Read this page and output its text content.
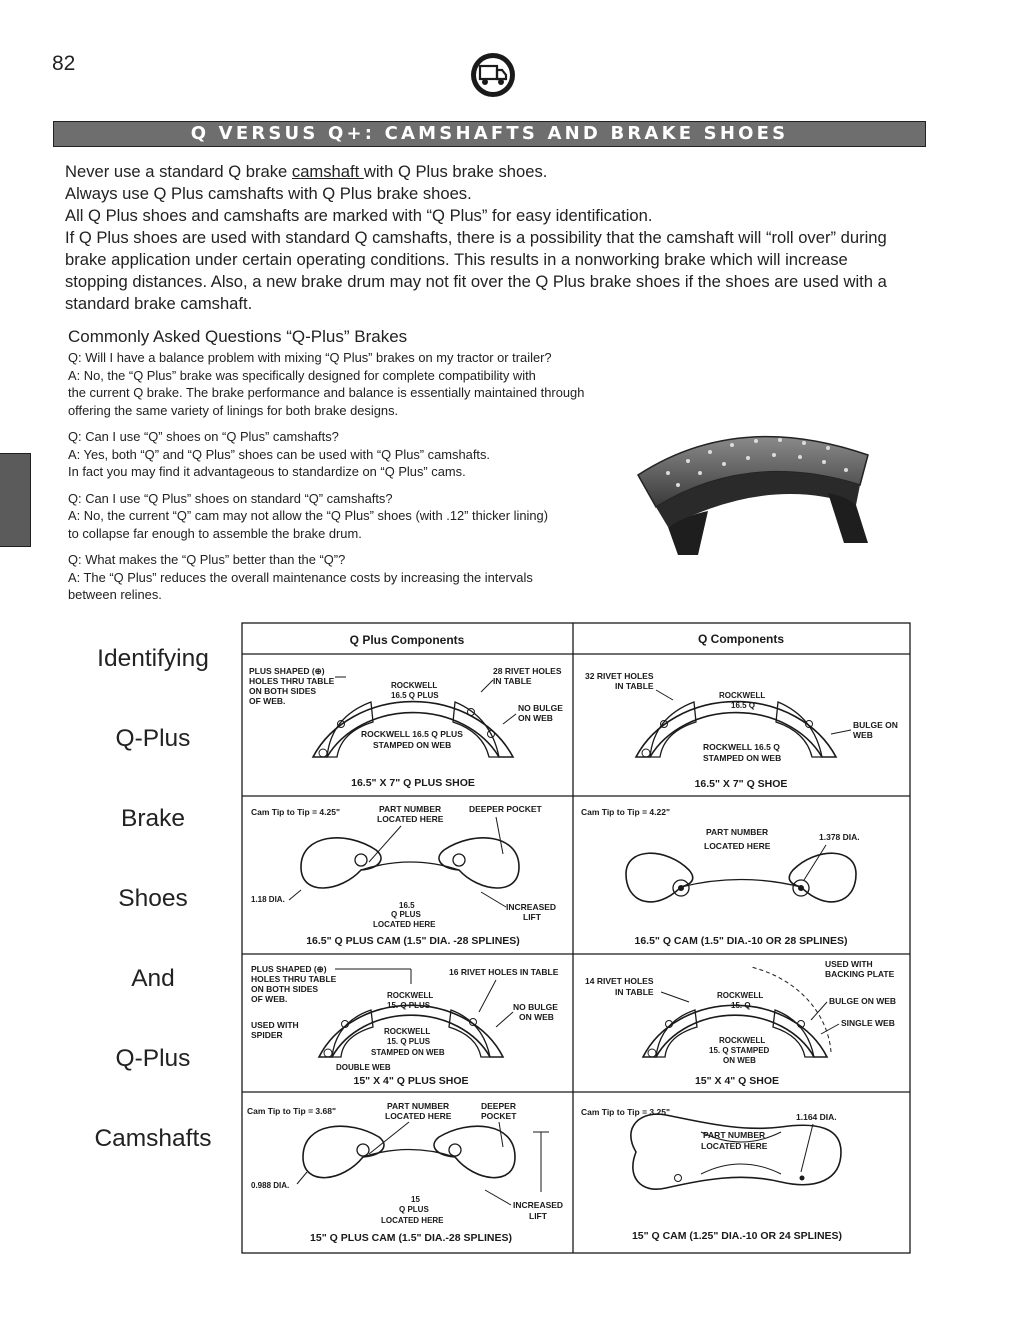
82
Q VERSUS Q+: CAMSHAFTS AND BRAKE SHOES
Never use a standard Q brake camshaft with Q Plus brake shoes.
Always use Q Plus camshafts with Q Plus brake shoes.
All Q Plus shoes and camshafts are marked with “Q Plus” for easy identification.
If Q Plus shoes are used with standard Q camshafts, there is a possibility that the camshaft will “roll over” during
brake application under certain operating conditions. This results in a nonworking brake which will increase
stopping distances. Also, a new brake drum may not fit over the Q Plus brake shoes if the shoes are used with a
standard brake camshaft.
Commonly Asked Questions “Q-Plus” Brakes
Q: Will I have a balance problem with mixing “Q Plus” brakes on my tractor or trailer?
A: No, the “Q Plus” brake was specifically designed for complete compatibility with
the current Q brake. The brake performance and balance is essentially maintained through
offering the same variety of linings for both brake designs.
Q: Can I use “Q” shoes on “Q Plus” camshafts?
A: Yes, both “Q” and “Q Plus” shoes can be used with “Q Plus” camshafts.
In fact you may find it advantageous to standardize on “Q Plus” cams.
Q: Can I use “Q Plus” shoes on standard “Q” camshafts?
A: No, the current “Q” cam may not allow the “Q Plus” shoes (with .12” thicker lining)
to collapse far enough to assemble the brake drum.
Q: What makes the “Q Plus” better than the “Q”?
A: The “Q Plus” reduces the overall maintenance costs by increasing the intervals
between relines.
Identifying
Q-Plus
Brake
Shoes
And
Q-Plus
Camshafts
Q Plus Components	Q Components
PLUS SHAPED (⊕)
HOLES THRU TABLE
ON BOTH SIDES
OF WEB.
28 RIVET HOLES
IN TABLE
ROCKWELL
16.5 Q PLUS
NO BULGE
ON WEB
ROCKWELL 16.5 Q PLUS
STAMPED ON WEB
16.5" X 7" Q PLUS SHOE
32 RIVET HOLES
IN TABLE
ROCKWELL
16.5 Q
BULGE ON
WEB
ROCKWELL 16.5 Q
STAMPED ON WEB
16.5" X 7" Q SHOE
Cam Tip to Tip = 4.25"	PART NUMBER
LOCATED HERE
DEEPER POCKET
1.18 DIA.
16.5
Q PLUS
LOCATED HERE
INCREASED
LIFT
16.5" Q PLUS CAM (1.5" DIA. -28 SPLINES)
Cam Tip to Tip = 4.22"
PART NUMBER
LOCATED HERE
1.378 DIA.
16.5" Q CAM (1.5" DIA.-10 OR 28 SPLINES)
PLUS SHAPED (⊕)
HOLES THRU TABLE
ON BOTH SIDES
OF WEB.
16 RIVET HOLES IN TABLE
ROCKWELL
15. Q PLUS	NO BULGE
ON WEB
USED WITH
SPIDER	ROCKWELL
15. Q PLUS
STAMPED ON WEB
DOUBLE WEB
15" X 4" Q PLUS SHOE
USED WITH
BACKING PLATE
14 RIVET HOLES
IN TABLE	ROCKWELL
15. Q	BULGE ON WEB
SINGLE WEB
ROCKWELL
15. Q STAMPED
ON WEB
15" X 4" Q SHOE
Cam Tip to Tip = 3.68"	PART NUMBER
LOCATED HERE
DEEPER
POCKET
0.988 DIA.
15
Q PLUS
LOCATED HERE
INCREASED
LIFT
15" Q PLUS CAM (1.5" DIA.-28 SPLINES)
Cam Tip to Tip = 3.25"	1.164 DIA.
PART NUMBER
LOCATED HERE
15" Q CAM (1.25" DIA.-10 OR 24 SPLINES)
